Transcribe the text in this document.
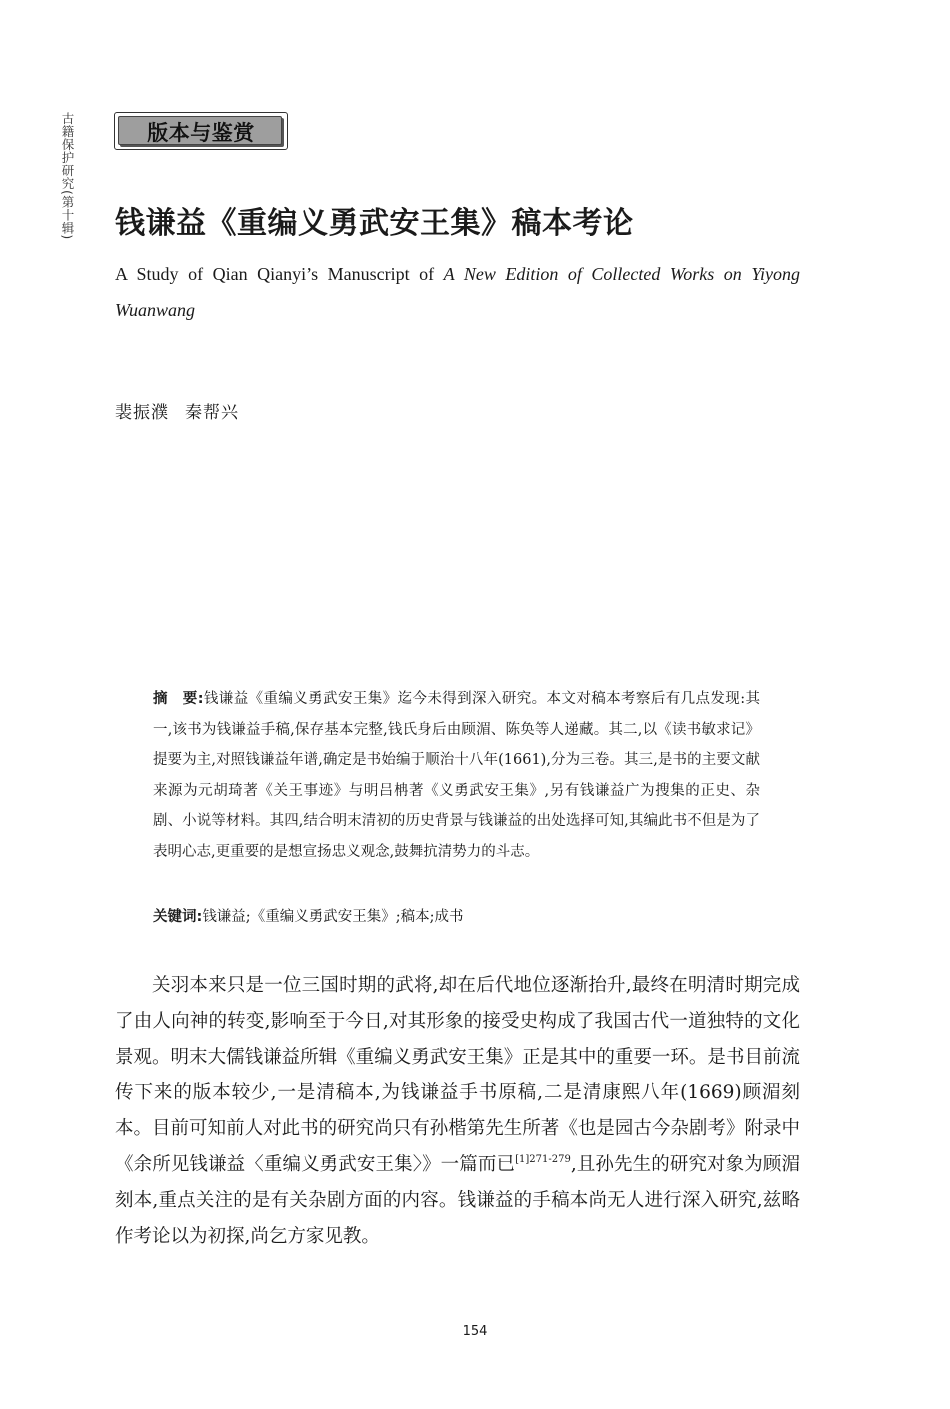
古籍保护研究(第十辑)	版本与鉴赏
钱谦益《重编义勇武安王集》稿本考论
A Study of Qian Qianyi’s Manuscript of A New Edition of Collected Works on Yiyong Wuanwang
裴振濮 秦帮兴

摘　要:钱谦益《重编义勇武安王集》迄今未得到深入研究。本文对稿本考察后有几点发现:其一,该书为钱谦益手稿,保存基本完整,钱氏身后由顾湄、陈奂等人递藏。其二,以《读书敏求记》提要为主,对照钱谦益年谱,确定是书始编于顺治十八年(1661),分为三卷。其三,是书的主要文献来源为元胡琦著《关王事迹》与明吕柟著《义勇武安王集》,另有钱谦益广为搜集的正史、杂剧、小说等材料。其四,结合明末清初的历史背景与钱谦益的出处选择可知,其编此书不但是为了表明心志,更重要的是想宣扬忠义观念,鼓舞抗清势力的斗志。

关键词:钱谦益;《重编义勇武安王集》;稿本;成书

关羽本来只是一位三国时期的武将,却在后代地位逐渐抬升,最终在明清时期完成了由人向神的转变,影响至于今日,对其形象的接受史构成了我国古代一道独特的文化景观。明末大儒钱谦益所辑《重编义勇武安王集》正是其中的重要一环。是书目前流传下来的版本较少,一是清稿本,为钱谦益手书原稿,二是清康熙八年(1669)顾湄刻本。目前可知前人对此书的研究尚只有孙楷第先生所著《也是园古今杂剧考》附录中《余所见钱谦益〈重编义勇武安王集〉》一篇而已$^{[1]271-279}$,且孙先生的研究对象为顾湄刻本,重点关注的是有关杂剧方面的内容。钱谦益的手稿本尚无人进行深入研究,兹略作考论以为初探,尚乞方家见教。

154
